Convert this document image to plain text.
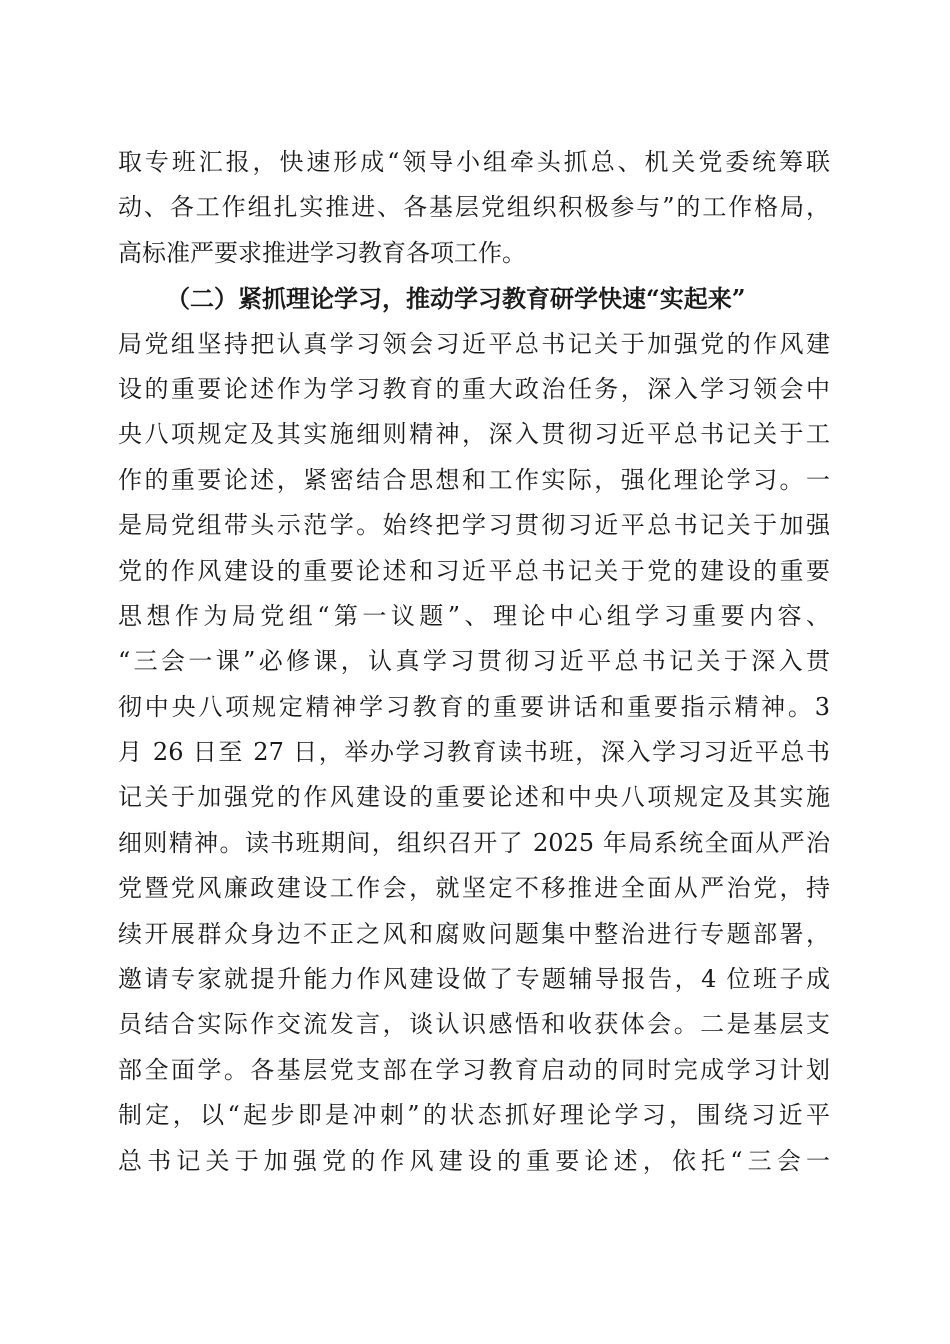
取专班汇报，快速形成“领导小组牵头抓总、机关党委统筹联
动、各工作组扎实推进、各基层党组织积极参与”的工作格局，
高标准严要求推进学习教育各项工作。
（二）紧抓理论学习，推动学习教育研学快速“实起来”
局党组坚持把认真学习领会习近平总书记关于加强党的作风建
设的重要论述作为学习教育的重大政治任务，深入学习领会中
央八项规定及其实施细则精神，深入贯彻习近平总书记关于工
作的重要论述，紧密结合思想和工作实际，强化理论学习。一
是局党组带头示范学。始终把学习贯彻习近平总书记关于加强
党的作风建设的重要论述和习近平总书记关于党的建设的重要
思想作为局党组“第一议题”、理论中心组学习重要内容、
“三会一课”必修课，认真学习贯彻习近平总书记关于深入贯
彻中央八项规定精神学习教育的重要讲话和重要指示精神。3
月 26 日至 27 日，举办学习教育读书班，深入学习习近平总书
记关于加强党的作风建设的重要论述和中央八项规定及其实施
细则精神。读书班期间，组织召开了 2025 年局系统全面从严治
党暨党风廉政建设工作会，就坚定不移推进全面从严治党，持
续开展群众身边不正之风和腐败问题集中整治进行专题部署，
邀请专家就提升能力作风建设做了专题辅导报告，4 位班子成
员结合实际作交流发言，谈认识感悟和收获体会。二是基层支
部全面学。各基层党支部在学习教育启动的同时完成学习计划
制定，以“起步即是冲刺”的状态抓好理论学习，围绕习近平
总书记关于加强党的作风建设的重要论述，依托“三会一
